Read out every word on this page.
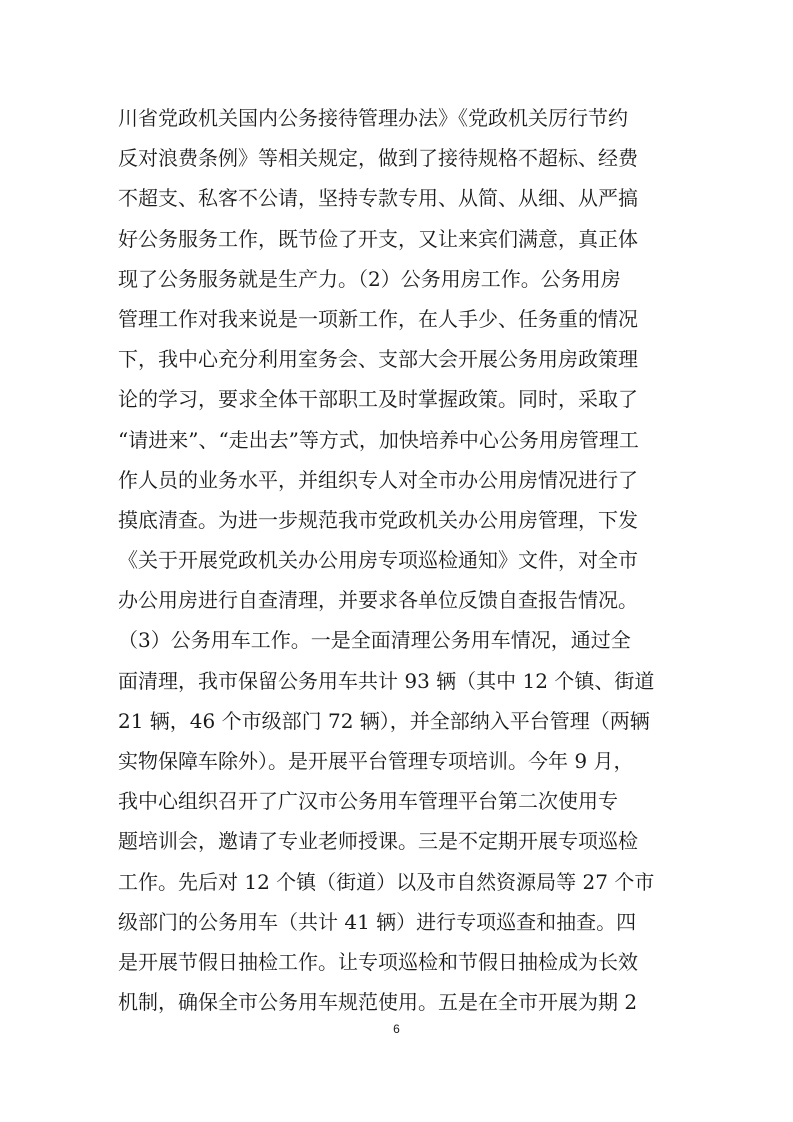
川省党政机关国内公务接待管理办法》《党政机关厉行节约
反对浪费条例》等相关规定，做到了接待规格不超标、经费
不超支、私客不公请，坚持专款专用、从简、从细、从严搞
好公务服务工作，既节俭了开支，又让来宾们满意，真正体
现了公务服务就是生产力。（2）公务用房工作。公务用房
管理工作对我来说是一项新工作，在人手少、任务重的情况
下，我中心充分利用室务会、支部大会开展公务用房政策理
论的学习，要求全体干部职工及时掌握政策。同时，采取了
“请进来”、“走出去”等方式，加快培养中心公务用房管理工
作人员的业务水平，并组织专人对全市办公用房情况进行了
摸底清查。为进一步规范我市党政机关办公用房管理，下发
《关于开展党政机关办公用房专项巡检通知》文件，对全市
办公用房进行自查清理，并要求各单位反馈自查报告情况。
（3）公务用车工作。一是全面清理公务用车情况，通过全
面清理，我市保留公务用车共计 93 辆（其中 12 个镇、街道
21 辆，46 个市级部门 72 辆），并全部纳入平台管理（两辆
实物保障车除外）。是开展平台管理专项培训。今年 9 月，
我中心组织召开了广汉市公务用车管理平台第二次使用专
题培训会，邀请了专业老师授课。三是不定期开展专项巡检
工作。先后对 12 个镇（街道）以及市自然资源局等 27 个市
级部门的公务用车（共计 41 辆）进行专项巡查和抽查。四
是开展节假日抽检工作。让专项巡检和节假日抽检成为长效
机制，确保全市公务用车规范使用。五是在全市开展为期 2
6
